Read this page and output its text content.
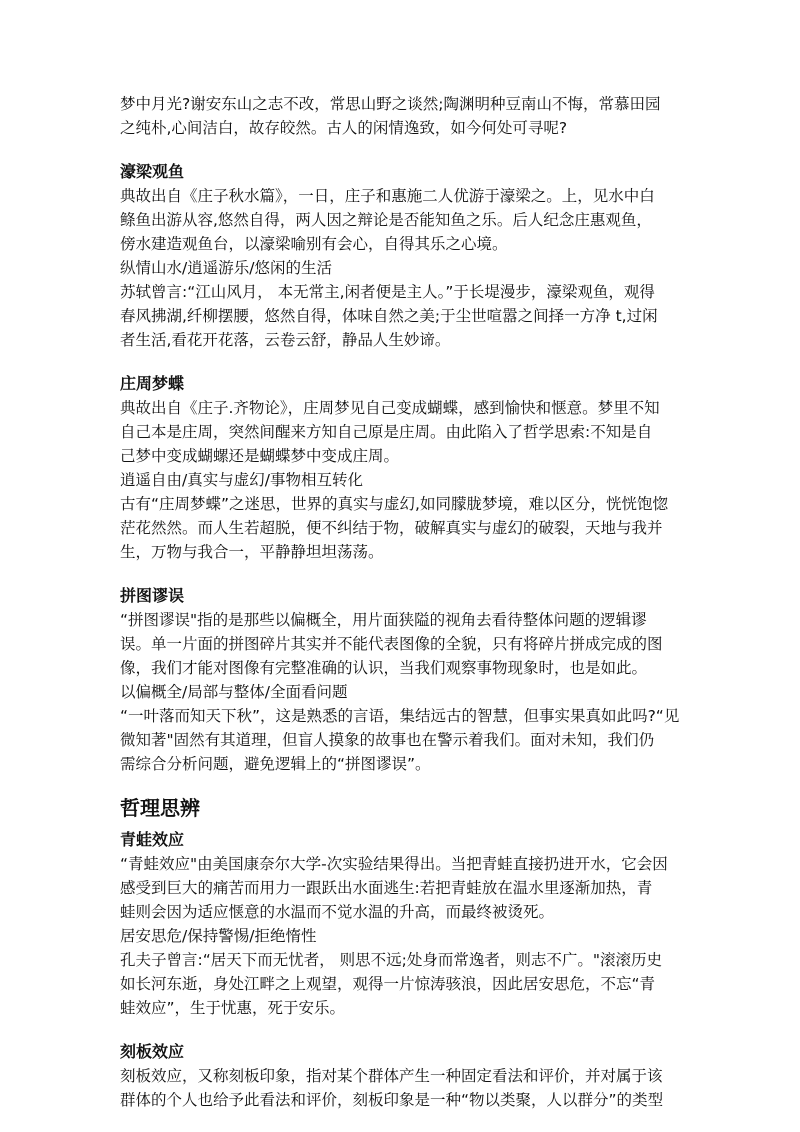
梦中月光?谢安东山之志不改，常思山野之谈然;陶渊明种豆南山不悔，常慕田园

之纯朴,心间洁白，故存皎然。古人的闲情逸致，如今何处可寻呢?

濠梁观鱼

典故出自《庄子秋水篇》，一日，庄子和惠施二人优游于濠梁之。上，见水中白

鲦鱼出游从容,悠然自得，两人因之辩论是否能知鱼之乐。后人纪念庄惠观鱼，

傍水建造观鱼台，以濠梁喻别有会心，自得其乐之心境。

纵情山水/逍遥游乐/悠闲的生活

苏轼曾言:“江山风月， 本无常主,闲者便是主人。”于长堤漫步，濠梁观鱼，观得

春风拂湖,纤柳摆腰，悠然自得，体味自然之美;于尘世喧嚣之间择一方净 t,过闲

者生活,看花开花落，云卷云舒，静品人生妙谛。

庄周梦蝶

典故出自《庄子.齐物论》，庄周梦见自己变成蝴蝶，感到愉快和惬意。梦里不知

自己本是庄周，突然间醒来方知自己原是庄周。由此陷入了哲学思索:不知是自

己梦中变成蝴螺还是蝴蝶梦中变成庄周。

逍遥自由/真实与虚幻/事物相互转化

古有“庄周梦蝶”之迷思，世界的真实与虚幻,如同朦胧梦境，难以区分，恍恍饱惚

茫花然然。而人生若超脱，便不纠结于物，破解真实与虚幻的破裂，天地与我并

生，万物与我合一，平静静坦坦荡荡。

拼图谬误

“拼图谬误"指的是那些以偏概全，用片面狭隘的视角去看待整体问题的逻辑谬

误。单一片面的拼图碎片其实并不能代表图像的全貌，只有将碎片拼成完成的图

像，我们才能对图像有完整准确的认识，当我们观察事物现象时，也是如此。

以偏概全/局部与整体/全面看问题

“一叶落而知天下秋”，这是熟悉的言语，集结远古的智慧，但事实果真如此吗?“见

微知著"固然有其道理，但盲人摸象的故事也在警示着我们。面对未知，我们仍

需综合分析问题，避免逻辑上的“拼图谬误”。

哲理思辨
青蛙效应

“青蛙效应"由美国康奈尔大学-次实验结果得出。当把青蛙直接扔进开水，它会因

感受到巨大的痛苦而用力一跟跃出水面逃生:若把青蛙放在温水里逐渐加热，青

蛙则会因为适应惬意的水温而不觉水温的升高，而最终被烫死。

居安思危/保持警惕/拒绝惰性

孔夫子曾言:“居天下而无忧者， 则思不远;处身而常逸者，则志不广。"滚滚历史

如长河东逝，身处江畔之上观望，观得一片惊涛骇浪，因此居安思危，不忘“青

蛙效应”，生于忧惠，死于安乐。

刻板效应

刻板效应，又称刻板印象，指对某个群体产生一种固定看法和评价，并对属于该

群体的个人也给予此看法和评价，刻板印象是一种“物以类聚，人以群分”的类型
